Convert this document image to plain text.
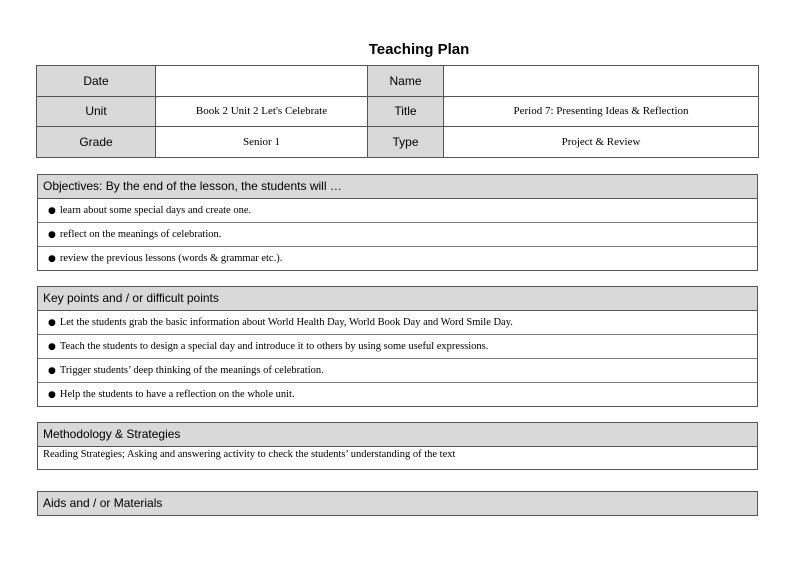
Teaching Plan
Date		Name	
Unit	Book 2 Unit 2 Let's Celebrate	Title	Period 7: Presenting Ideas & Reflection
Grade	Senior 1	Type	Project & Review
Objectives: By the end of the lesson, the students will …
● learn about some special days and create one.
● reflect on the meanings of celebration.
● review the previous lessons (words & grammar etc.).
Key points and / or difficult points
● Let the students grab the basic information about World Health Day, World Book Day and Word Smile Day.
● Teach the students to design a special day and introduce it to others by using some useful expressions.
● Trigger students’ deep thinking of the meanings of celebration.
● Help the students to have a reflection on the whole unit.
Methodology & Strategies
Reading Strategies; Asking and answering activity to check the students’ understanding of the text
Aids and / or Materials
